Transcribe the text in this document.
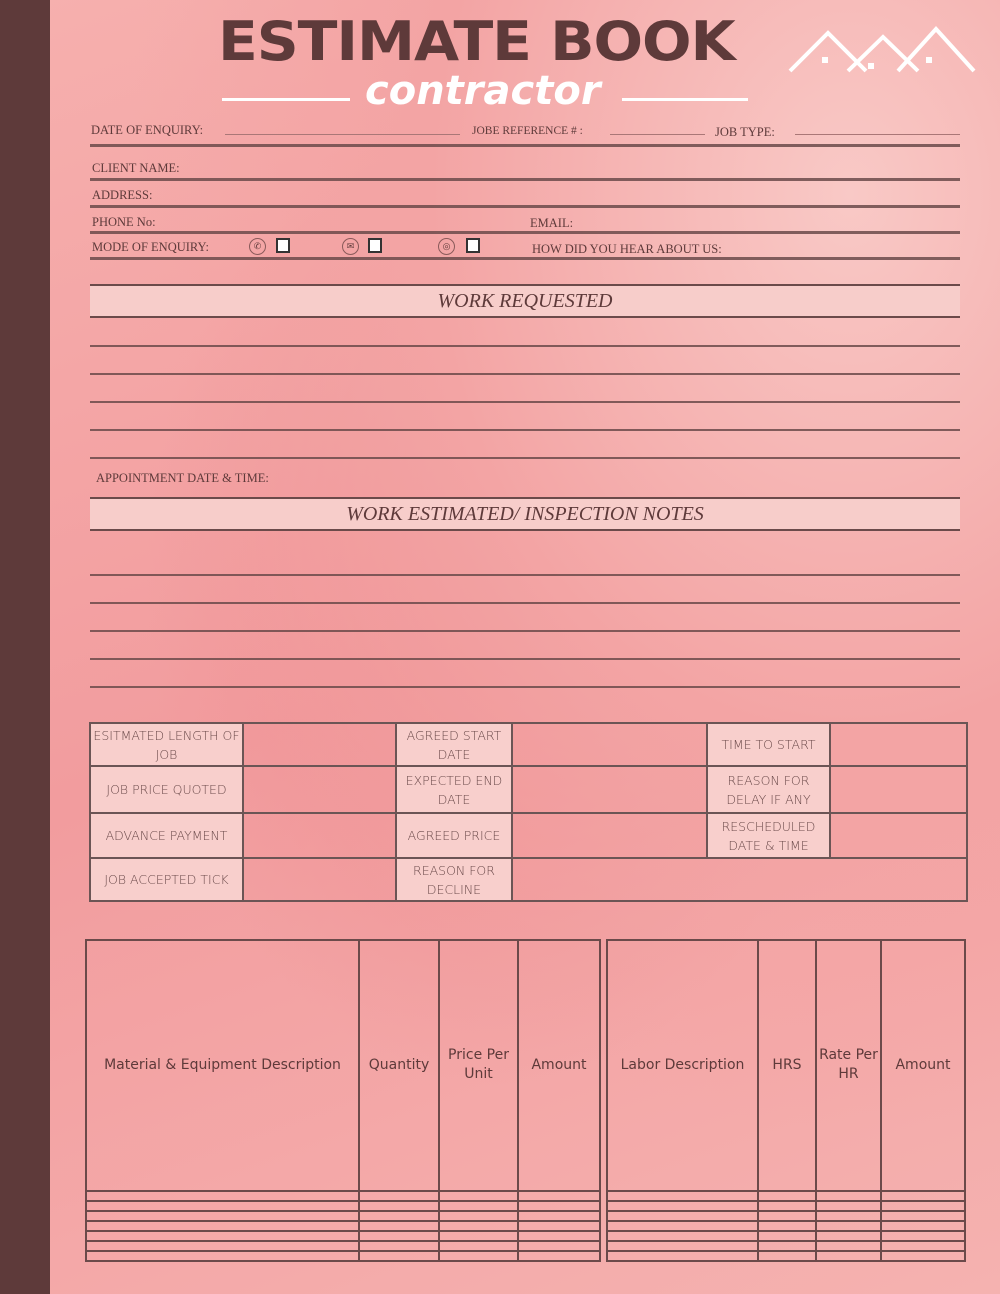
ESTIMATE BOOK
contractor
DATE OF ENQUIRY:	JOBE REFERENCE # :	JOB TYPE:
CLIENT NAME:
ADDRESS:
PHONE No:	EMAIL:
MODE OF ENQUIRY:	✆	✉	◎	HOW DID YOU HEAR ABOUT US:
WORK REQUESTED
APPOINTMENT DATE & TIME:
WORK ESTIMATED/ INSPECTION NOTES
ESITMATED LENGTH OF JOB		AGREED START DATE		TIME TO START	
JOB PRICE QUOTED		EXPECTED END DATE		REASON FOR DELAY IF ANY	
ADVANCE PAYMENT		AGREED PRICE		RESCHEDULED DATE & TIME	
JOB ACCEPTED TICK		REASON FOR DECLINE	
Material & Equipment Description	Quantity	Price Per Unit	Amount

			Labor Description	HRS	Rate Per HR	Amount
